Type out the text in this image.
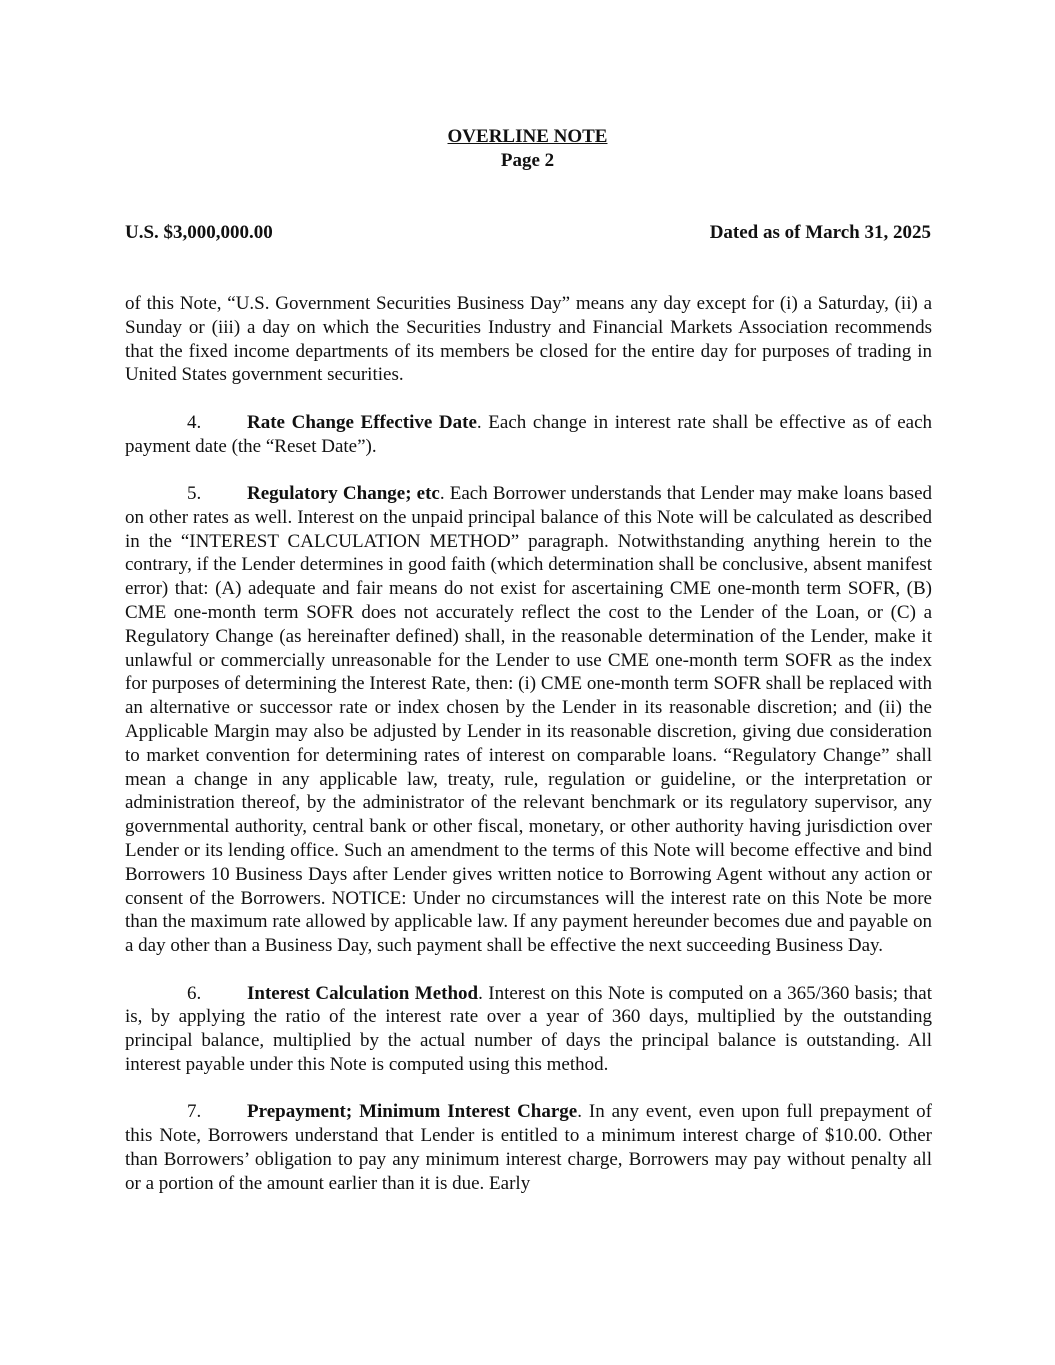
OVERLINE NOTE
Page 2
U.S. $3,000,000.00	Dated as of March 31, 2025

of this Note, “U.S. Government Securities Business Day” means any day except for (i) a Saturday, (ii) a Sunday or (iii) a day on which the Securities Industry and Financial Markets Association recommends that the fixed income departments of its members be closed for the entire day for purposes of trading in United States government securities.

4. Rate Change Effective Date. Each change in interest rate shall be effective as of each payment date (the “Reset Date”).

5. Regulatory Change; etc. Each Borrower understands that Lender may make loans based on other rates as well. Interest on the unpaid principal balance of this Note will be calculated as described in the “INTEREST CALCULATION METHOD” paragraph. Notwithstanding anything herein to the contrary, if the Lender determines in good faith (which determination shall be conclusive, absent manifest error) that: (A) adequate and fair means do not exist for ascertaining CME one-month term SOFR, (B) CME one-month term SOFR does not accurately reflect the cost to the Lender of the Loan, or (C) a Regulatory Change (as hereinafter defined) shall, in the reasonable determination of the Lender, make it unlawful or commercially unreasonable for the Lender to use CME one-month term SOFR as the index for purposes of determining the Interest Rate, then: (i) CME one-month term SOFR shall be replaced with an alternative or successor rate or index chosen by the Lender in its reasonable discretion; and (ii) the Applicable Margin may also be adjusted by Lender in its reasonable discretion, giving due consideration to market convention for determining rates of interest on comparable loans. “Regulatory Change” shall mean a change in any applicable law, treaty, rule, regulation or guideline, or the interpretation or administration thereof, by the administrator of the relevant benchmark or its regulatory supervisor, any governmental authority, central bank or other fiscal, monetary, or other authority having jurisdiction over Lender or its lending office. Such an amendment to the terms of this Note will become effective and bind Borrowers 10 Business Days after Lender gives written notice to Borrowing Agent without any action or consent of the Borrowers. NOTICE: Under no circumstances will the interest rate on this Note be more than the maximum rate allowed by applicable law. If any payment hereunder becomes due and payable on a day other than a Business Day, such payment shall be effective the next succeeding Business Day.

6. Interest Calculation Method. Interest on this Note is computed on a 365/360 basis; that is, by applying the ratio of the interest rate over a year of 360 days, multiplied by the outstanding principal balance, multiplied by the actual number of days the principal balance is outstanding. All interest payable under this Note is computed using this method.

7. Prepayment; Minimum Interest Charge. In any event, even upon full prepayment of this Note, Borrowers understand that Lender is entitled to a minimum interest charge of $10.00. Other than Borrowers’ obligation to pay any minimum interest charge, Borrowers may pay without penalty all or a portion of the amount earlier than it is due. Early
